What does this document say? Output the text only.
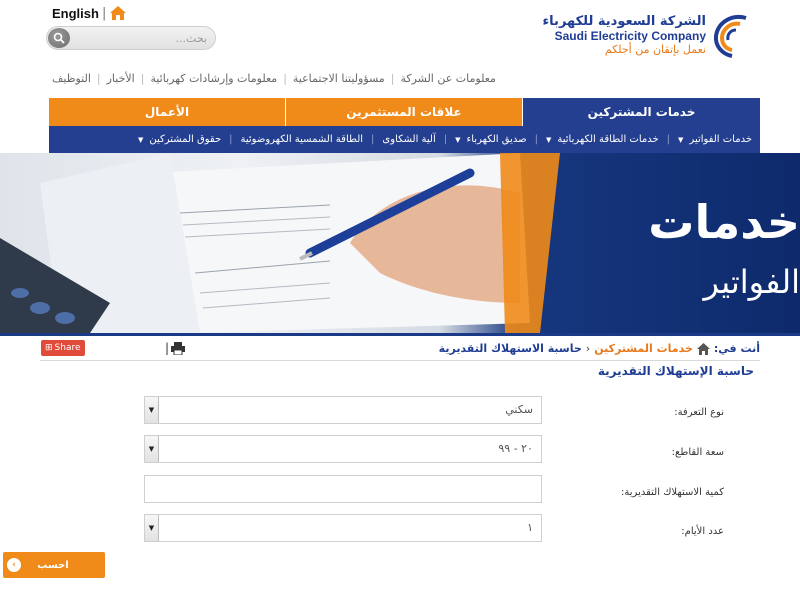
English |
بحث...
الشركة السعودية للكهرباء
Saudi Electricity Company
نعمل بإتقان من أجلكم
معلومات عن الشركة
|
مسؤوليتنا الاجتماعية
|
معلومات وإرشادات كهربائية
|
الأخبار
|
التوظيف
خدمات المشتركين
علاقات المستثمرين
الأعمال
خدمات الفواتير
▼
|
خدمات الطاقة الكهربائية
▼
|
صديق الكهرباء
▼
|
آلية الشكاوى
|
الطاقة الشمسية الكهروضوئية
|
حقوق المشتركين
▼
خدمات
الفواتير
⊞ Share	|	أنت في:
خدمات المشتركين
‹
حاسبة الاستهلاك التقديرية
حاسبة الإستهلاك التقديرية
نوع التعرفة:
▼	سكني
سعة القاطع:
▼	٢٠ - ٩٩
كمية الاستهلاك التقديرية:
عدد الأيام:
▼	١
‹	احسب
